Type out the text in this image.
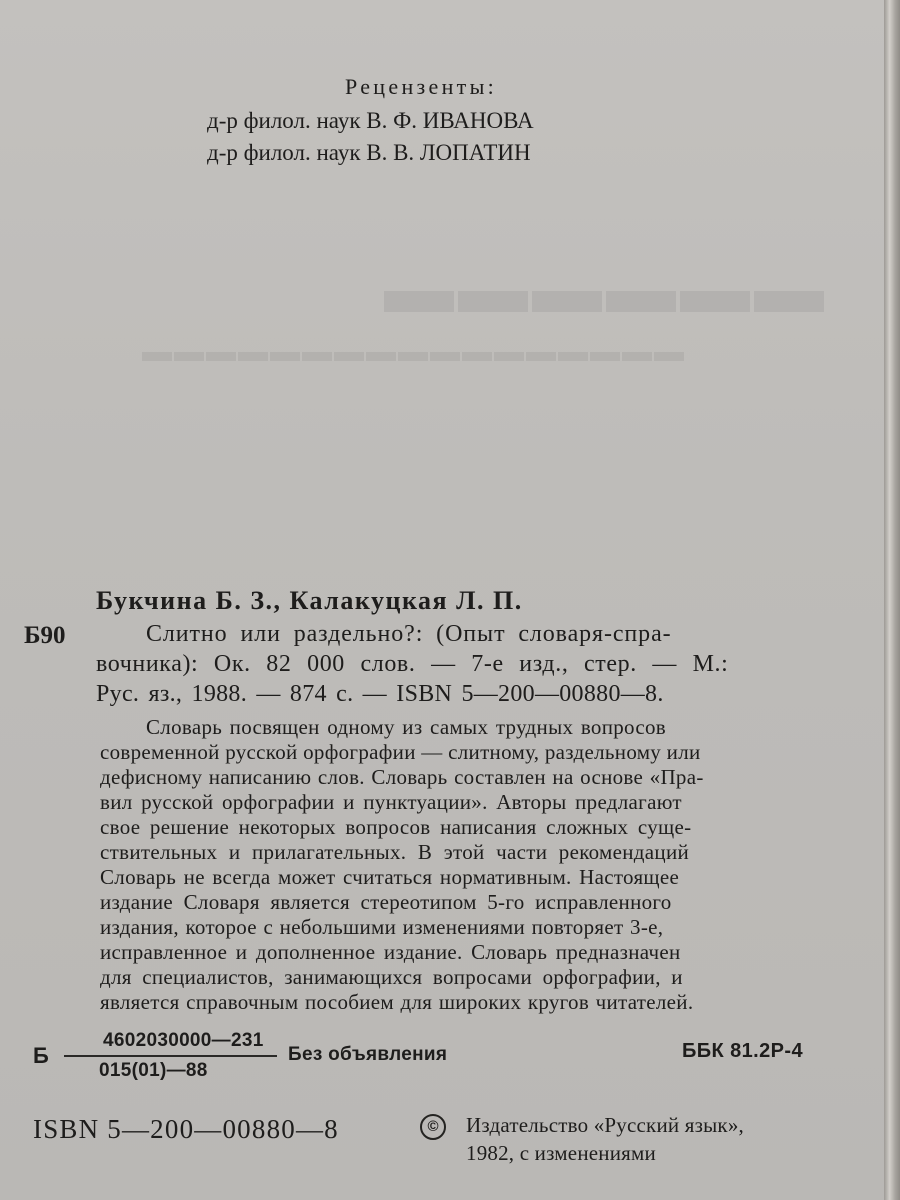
▬▬▬▬▬▬
▬▬▬▬▬▬▬▬▬▬▬▬▬▬▬▬▬
Рецензенты:
д-р филол. наук В. Ф. ИВАНОВА
д-р филол. наук В. В. ЛОПАТИН
Букчина Б. З., Калакуцкая Л. П.
Б90	Слитно или раздельно?: (Опыт словаря-спра-
вочника): Ок. 82 000 слов. — 7-е изд., стер. — М.:
Рус. яз., 1988. — 874 с. — ISBN 5—200—00880—8.
Словарь посвящен одному из самых трудных вопросов
современной русской орфографии — слитному, раздельному или
дефисному написанию слов. Словарь составлен на основе «Пра-
вил русской орфографии и пунктуации». Авторы предлагают
свое решение некоторых вопросов написания сложных суще-
ствительных и прилагательных. В этой части рекомендаций
Словарь не всегда может считаться нормативным. Настоящее
издание Словаря является стереотипом 5-го исправленного
издания, которое с небольшими изменениями повторяет 3-е,
исправленное и дополненное издание. Словарь предназначен
для специалистов, занимающихся вопросами орфографии, и
является справочным пособием для широких кругов читателей.
Б
4602030000—231
015(01)—88
Без объявления	ББК 81.2Р-4
ISBN 5—200—00880—8	©	Издательство «Русский язык»,
1982, с изменениями
